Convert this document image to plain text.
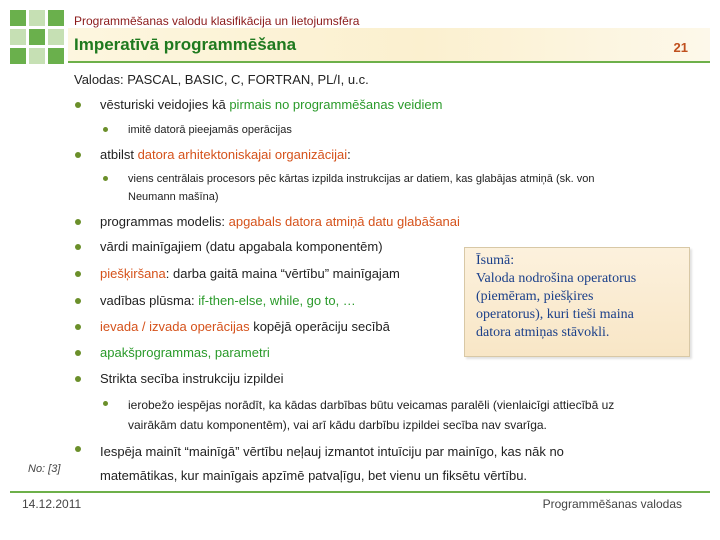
Programmēšanas valodu klasifikācija un lietojumsfēra
Imperatīvā programmēšana	21
Valodas: PASCAL, BASIC, C, FORTRAN, PL/I, u.c.
vēsturiski veidojies kā pirmais no programmēšanas veidiem
imitē datorā pieejamās operācijas
atbilst datora arhitektoniskajai organizācijai:
viens centrālais procesors pēc kārtas izpilda instrukcijas ar datiem, kas glabājas atmiņā (sk. von
Neumann mašīna)
programmas modelis: apgabals datora atmiņā datu glabāšanai
vārdi mainīgajiem (datu apgabala komponentēm)
piešķiršana: darba gaitā maina “vērtību” mainīgajam
vadības plūsma: if-then-else, while, go to, …
ievada / izvada operācijas kopējā operāciju secībā
apakšprogrammas, parametri
Strikta secība instrukciju izpildei
ierobežo iespējas norādīt, ka kādas darbības būtu veicamas paralēli (vienlaicīgi attiecībā uz
vairākām datu komponentēm), vai arī kādu darbību izpildei secība nav svarīga.
Iespēja mainīt “mainīgā” vērtību neļauj izmantot intuīciju par mainīgo, kas nāk no
matemātikas, kur mainīgais apzīmē patvaļīgu, bet vienu un fiksētu vērtību.
Īsumā:
Valoda nodrošina operatorus
(piemēram, piešķires
operatorus), kuri tieši maina
datora atmiņas stāvokli.
No: [3]
14.12.2011	Programmēšanas valodas
